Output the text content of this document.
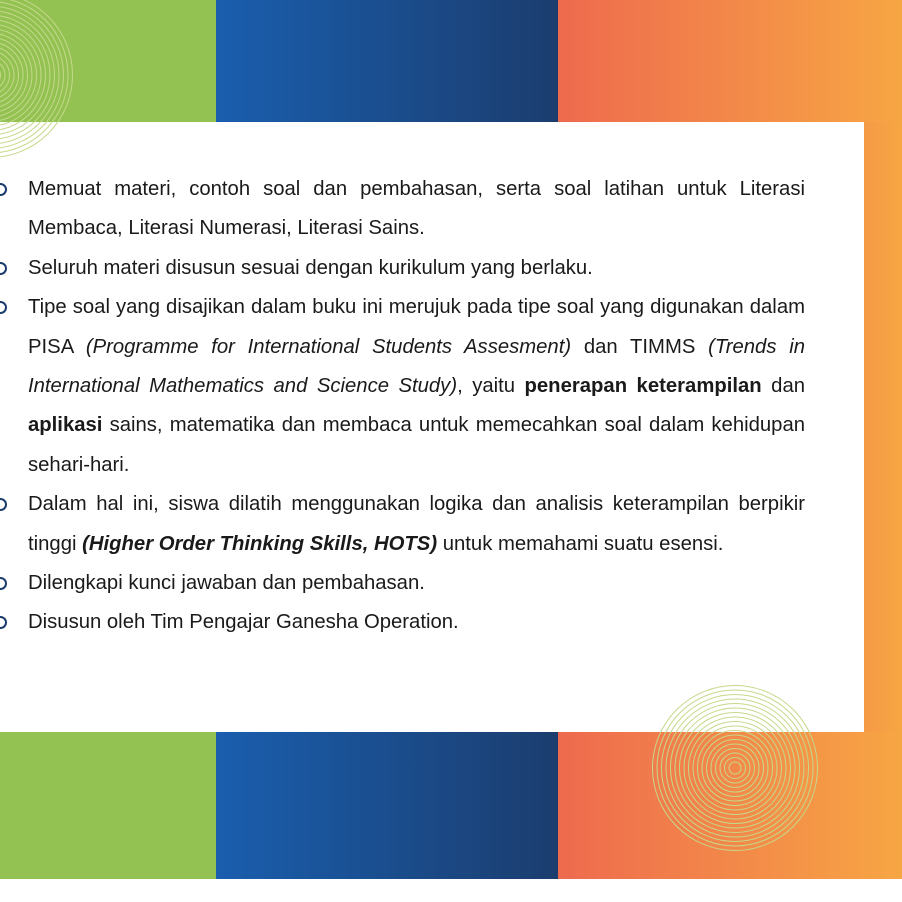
Memuat materi, contoh soal dan pembahasan, serta soal latihan untuk Literasi Membaca, Literasi Numerasi, Literasi Sains.
Seluruh materi disusun sesuai dengan kurikulum yang berlaku.
Tipe soal yang disajikan dalam buku ini merujuk pada tipe soal yang digunakan dalam PISA (Programme for International Students Assesment) dan TIMMS (Trends in International Mathematics and Science Study), yaitu penerapan keterampilan dan aplikasi sains, matematika dan membaca untuk memecahkan soal dalam kehidupan sehari-hari.
Dalam hal ini, siswa dilatih menggunakan logika dan analisis keterampilan berpikir tinggi (Higher Order Thinking Skills, HOTS) untuk memahami suatu esensi.
Dilengkapi kunci jawaban dan pembahasan.
Disusun oleh Tim Pengajar Ganesha Operation.
